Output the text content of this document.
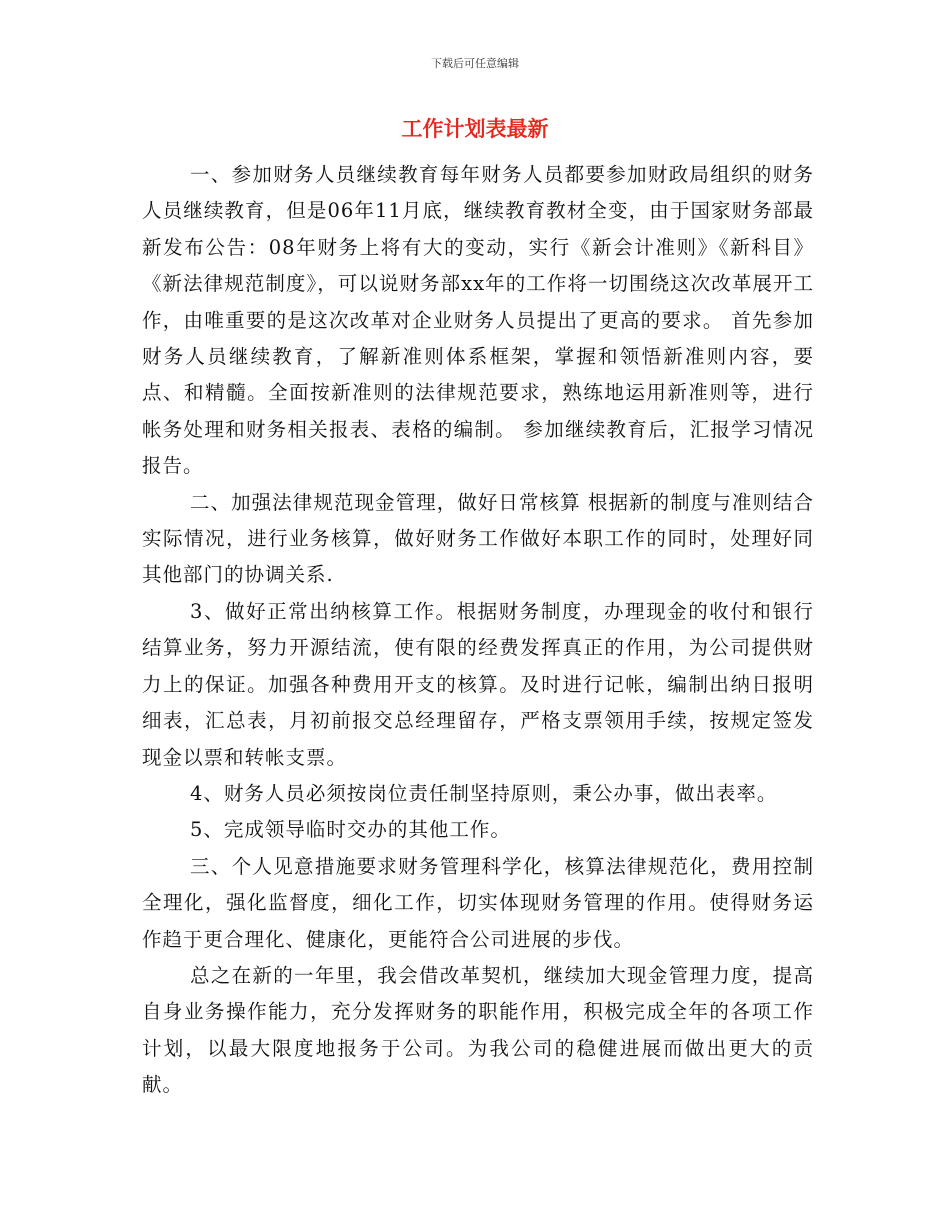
下载后可任意编辑
工作计划表最新

一、参加财务人员继续教育每年财务人员都要参加财政局组织的财务人员继续教育，但是06年11月底，继续教育教材全变，由于国家财务部最新发布公告：08年财务上将有大的变动，实行《新会计准则》《新科目》《新法律规范制度》，可以说财务部xx年的工作将一切围绕这次改革展开工作，由唯重要的是这次改革对企业财务人员提出了更高的要求。 首先参加财务人员继续教育，了解新准则体系框架，掌握和领悟新准则内容，要点、和精髓。全面按新准则的法律规范要求，熟练地运用新准则等，进行帐务处理和财务相关报表、表格的编制。 参加继续教育后，汇报学习情况报告。

二、加强法律规范现金管理，做好日常核算 根据新的制度与准则结合实际情况，进行业务核算，做好财务工作做好本职工作的同时，处理好同其他部门的协调关系.

3、做好正常出纳核算工作。根据财务制度，办理现金的收付和银行结算业务，努力开源结流，使有限的经费发挥真正的作用，为公司提供财力上的保证。加强各种费用开支的核算。及时进行记帐，编制出纳日报明细表，汇总表，月初前报交总经理留存，严格支票领用手续，按规定签发现金以票和转帐支票。

4、财务人员必须按岗位责任制坚持原则，秉公办事，做出表率。

5、完成领导临时交办的其他工作。

三、个人见意措施要求财务管理科学化，核算法律规范化，费用控制全理化，强化监督度，细化工作，切实体现财务管理的作用。使得财务运作趋于更合理化、健康化，更能符合公司进展的步伐。

总之在新的一年里，我会借改革契机，继续加大现金管理力度，提高自身业务操作能力，充分发挥财务的职能作用，积极完成全年的各项工作计划，以最大限度地报务于公司。为我公司的稳健进展而做出更大的贡献。
